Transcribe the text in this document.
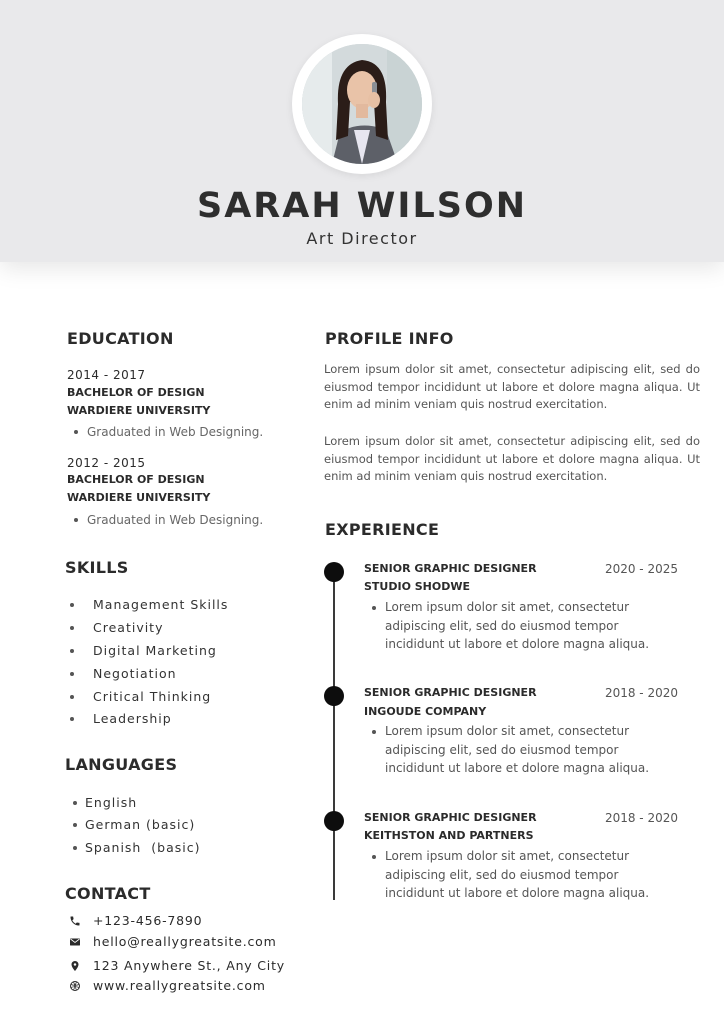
SARAH WILSON
Art Director
EDUCATION
2014 - 2017
BACHELOR OF DESIGN
WARDIERE UNIVERSITY
Graduated in Web Designing.
2012 - 2015
BACHELOR OF DESIGN
WARDIERE UNIVERSITY
Graduated in Web Designing.
SKILLS
Management Skills
Creativity
Digital Marketing
Negotiation
Critical Thinking
Leadership
LANGUAGES
English
German (basic)
Spanish  (basic)
CONTACT
+123-456-7890
hello@reallygreatsite.com
123 Anywhere St., Any City
www.reallygreatsite.com
PROFILE INFO

Lorem ipsum dolor sit amet, consectetur adipiscing elit, sed do eiusmod tempor incididunt ut labore et dolore magna aliqua. Ut enim ad minim veniam quis nostrud exercitation.

Lorem ipsum dolor sit amet, consectetur adipiscing elit, sed do eiusmod tempor incididunt ut labore et dolore magna aliqua. Ut enim ad minim veniam quis nostrud exercitation.

EXPERIENCE
SENIOR GRAPHIC DESIGNER	2020 - 2025
STUDIO SHODWE
Lorem ipsum dolor sit amet, consectetur adipiscing elit, sed do eiusmod tempor incididunt ut labore et dolore magna aliqua.
SENIOR GRAPHIC DESIGNER	2018 - 2020
INGOUDE COMPANY
Lorem ipsum dolor sit amet, consectetur adipiscing elit, sed do eiusmod tempor incididunt ut labore et dolore magna aliqua.
SENIOR GRAPHIC DESIGNER	2018 - 2020
KEITHSTON AND PARTNERS
Lorem ipsum dolor sit amet, consectetur adipiscing elit, sed do eiusmod tempor incididunt ut labore et dolore magna aliqua.
